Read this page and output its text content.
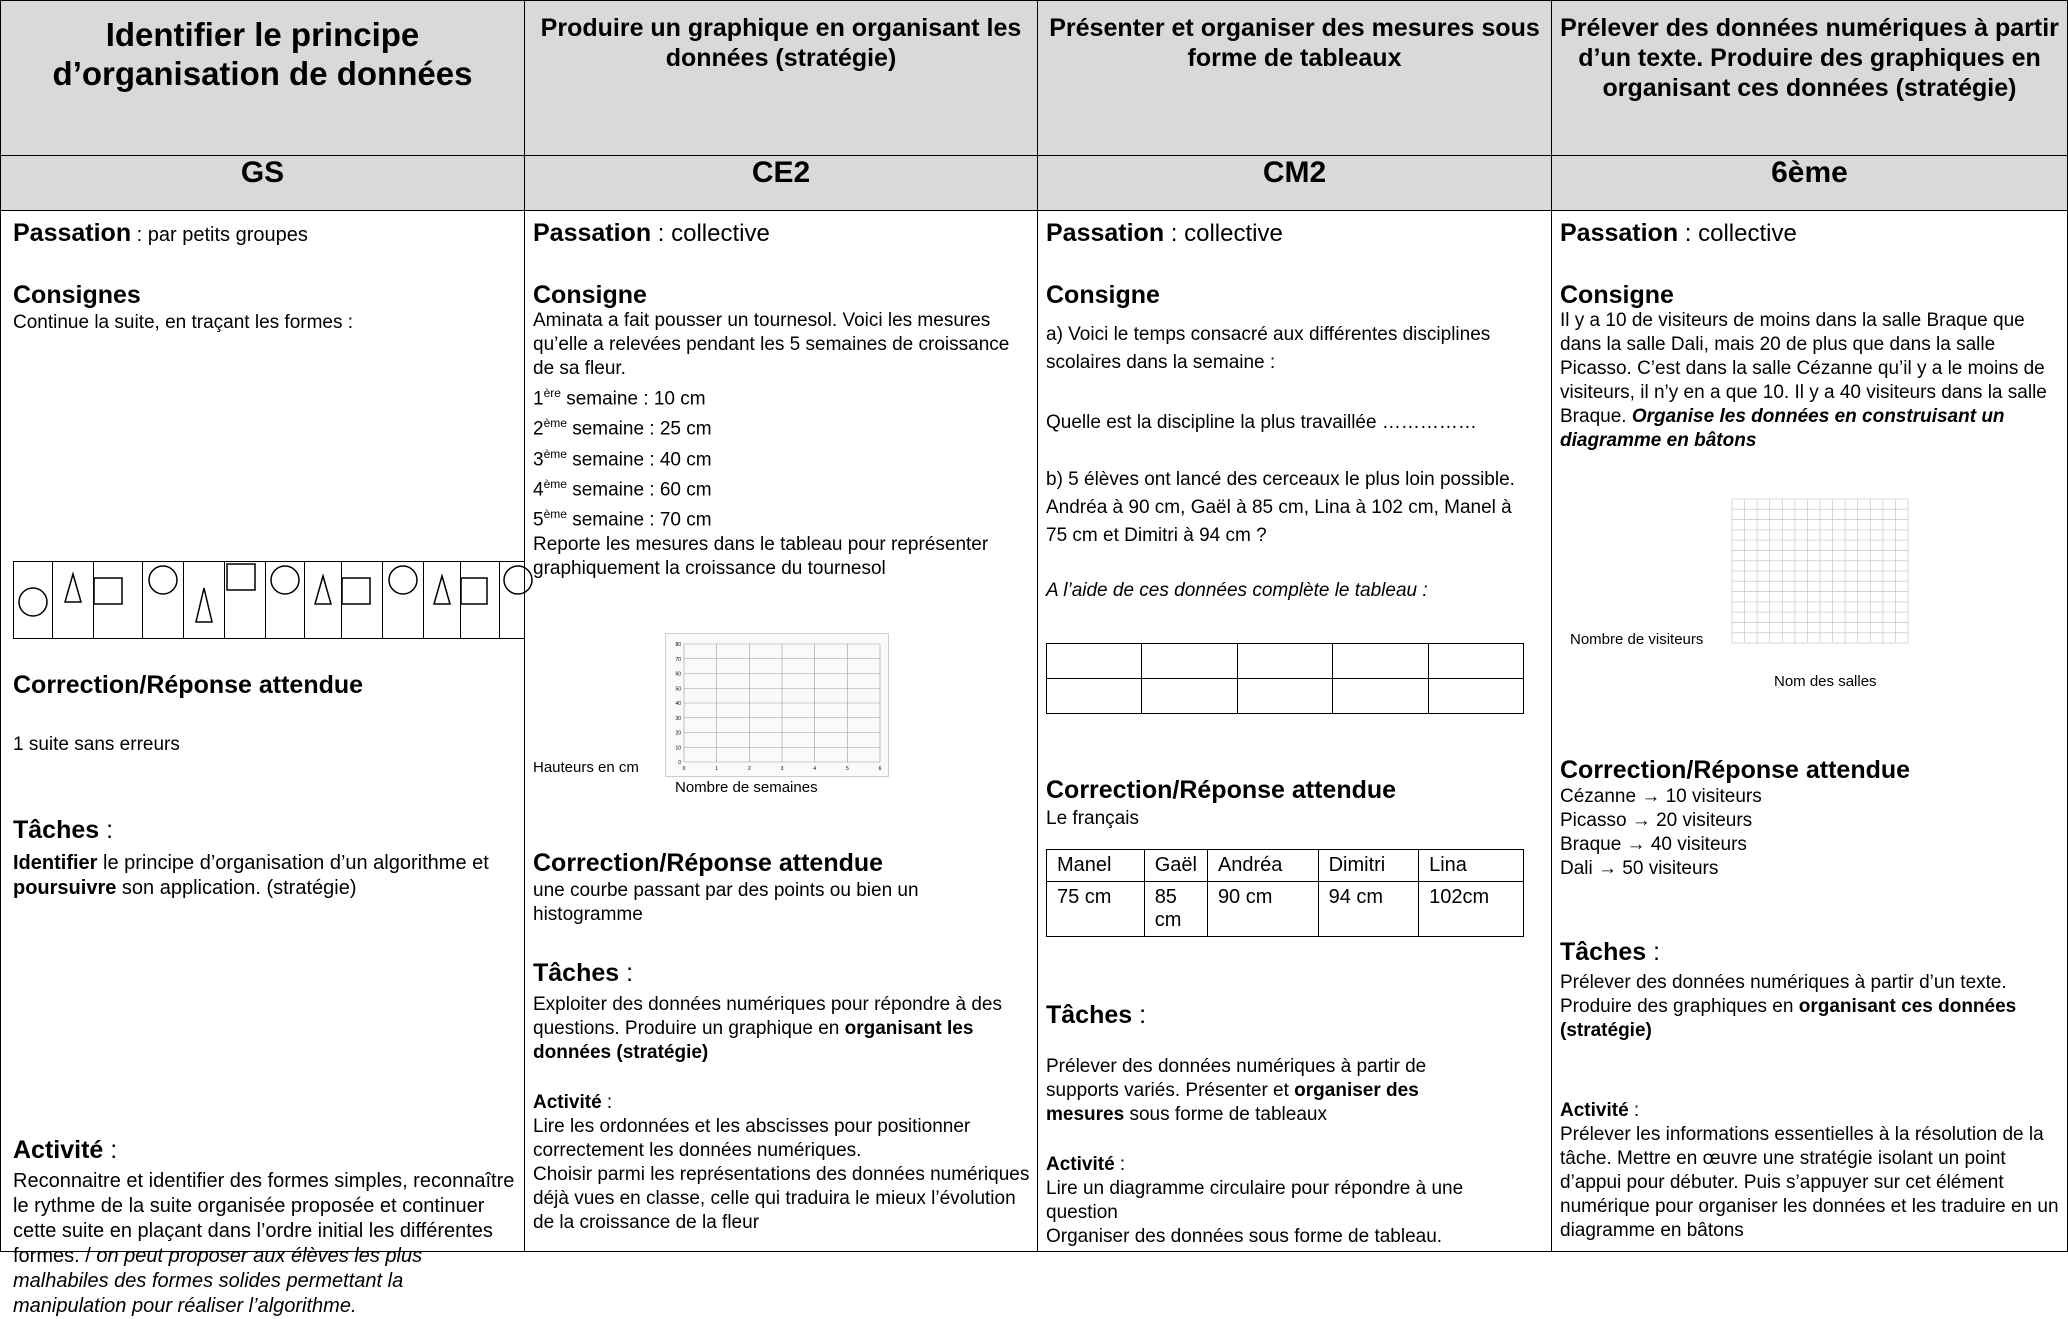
Identifier le principe d’organisation de données	Produire un graphique en organisant les données (stratégie)	Présenter et organiser des mesures sous forme de tableaux	Prélever des données numériques à partir d’un texte. Produire des graphiques en organisant ces données (stratégie)
GS	CE2	CM2	6ème

Passation : par petits groupes
Consignes
Continue la suite, en traçant les formes :
Correction/Réponse attendue
1 suite sans erreurs
Tâches :
Identifier le principe d’organisation d’un algorithme et poursuivre son application. (stratégie)
Activité :
Reconnaitre et identifier des formes simples, reconnaître le rythme de la suite organisée proposée et continuer cette suite en plaçant dans l’ordre initial les différentes formes. / on peut proposer aux élèves les plus malhabiles des formes solides permettant la manipulation pour réaliser l’algorithme.

Passation : collective
Consigne
Aminata a fait pousser un tournesol. Voici les mesures qu’elle a relevées pendant les 5 semaines de croissance de sa fleur.
1ère semaine : 10 cm
2ème semaine : 25 cm
3ème semaine : 40 cm
4ème semaine : 60 cm
5ème semaine : 70 cm
Reporte les mesures dans le tableau pour représenter graphiquement la croissance du tournesol
80
70
60
50
40
30
20
10
0
0	1	2	3	4	5	6
Hauteurs en cm
Nombre de semaines
Correction/Réponse attendue
une courbe passant par des points ou bien un histogramme
Tâches :
Exploiter des données numériques pour répondre à des questions. Produire un graphique en organisant les données (stratégie)
Activité :
Lire les ordonnées et les abscisses pour positionner correctement les données numériques.
Choisir parmi les représentations des données numériques déjà vues en classe, celle qui traduira le mieux l’évolution de la croissance de la fleur

Passation : collective
Consigne
a) Voici le temps consacré aux différentes disciplines scolaires dans la semaine :
Quelle est la discipline la plus travaillée ……………
b) 5 élèves ont lancé des cerceaux le plus loin possible. Andréa à 90 cm, Gaël à 85 cm, Lina à 102 cm, Manel à 75 cm et Dimitri à 94 cm ?
A l’aide de ces données complète le tableau :

Correction/Réponse attendue
Le français
Manel	Gaël	Andréa	Dimitri	Lina
75 cm	85 cm	90 cm	94 cm	102cm
Tâches :
Prélever des données numériques à partir de supports variés. Présenter et organiser des mesures sous forme de tableaux
Activité :
Lire un diagramme circulaire pour répondre à une question
Organiser des données sous forme de tableau.

Passation : collective
Consigne
Il y a 10 de visiteurs de moins dans la salle Braque que dans la salle Dali, mais 20 de plus que dans la salle Picasso. C’est dans la salle Cézanne qu’il y a le moins de visiteurs, il n’y en a que 10. Il y a 40 visiteurs dans la salle Braque. Organise les données en construisant un diagramme en bâtons
Nombre de visiteurs
Nom des salles
Correction/Réponse attendue
Cézanne → 10 visiteurs
Picasso → 20 visiteurs
Braque → 40 visiteurs
Dali → 50 visiteurs
Tâches :
Prélever des données numériques à partir d’un texte. Produire des graphiques en organisant ces données (stratégie)
Activité :
Prélever les informations essentielles à la résolution de la tâche. Mettre en œuvre une stratégie isolant un point d’appui pour débuter. Puis s’appuyer sur cet élément numérique pour organiser les données et les traduire en un diagramme en bâtons
